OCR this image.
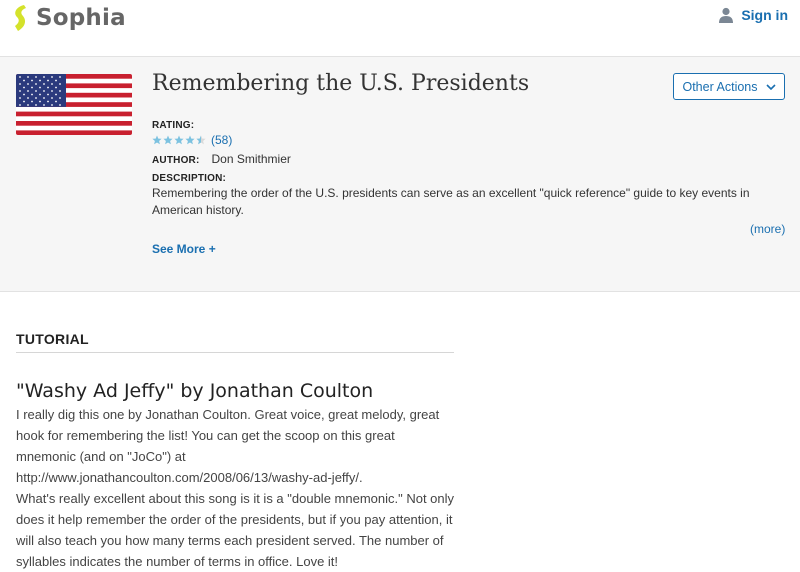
Sophia	Sign in
Remembering the U.S. Presidents	Other Actions
RATING:
(58)
AUTHOR: Don Smithmier
DESCRIPTION:
Remembering the order of the U.S. presidents can serve as an excellent "quick reference" guide to key events in American history.
(more)
See More +
TUTORIAL
"Washy Ad Jeffy" by Jonathan Coulton

I really dig this one by Jonathan Coulton. Great voice, great melody, great hook for remembering the list! You can get the scoop on this great mnemonic (and on "JoCo") at http://www.jonathancoulton.com/2008/06/13/washy-ad-jeffy/.

What's really excellent about this song is it is a "double mnemonic." Not only does it help remember the order of the presidents, but if you pay attention, it will also teach you how many terms each president served. The number of syllables indicates the number of terms in office. Love it!
